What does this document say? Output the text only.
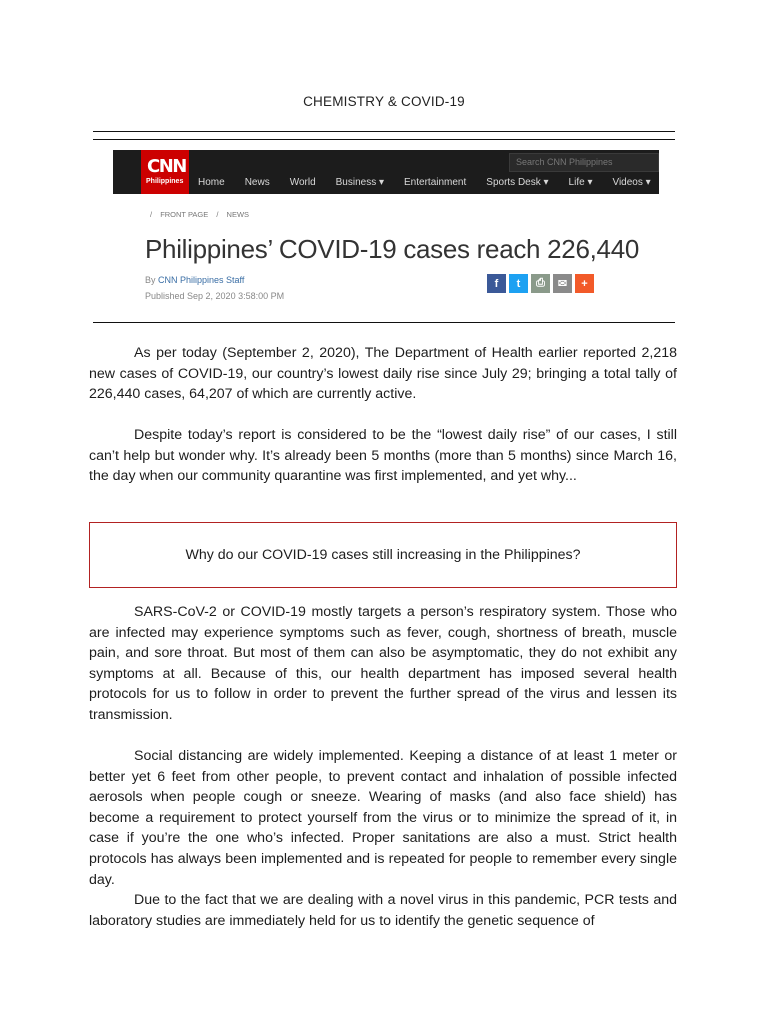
CHEMISTRY & COVID-19
CNN
Philippines Home News World Business ▾ Entertainment Sports Desk ▾ Life ▾ Videos ▾
Search CNN Philippines
/ FRONT PAGE / NEWS
Philippines’ COVID-19 cases reach 226,440
By CNN Philippines Staff
Published Sep 2, 2020 3:58:00 PM
f	t	⎙	✉	+

As per today (September 2, 2020), The Department of Health earlier reported 2,218 new cases of COVID-19, our country’s lowest daily rise since July 29; bringing a total tally of 226,440 cases, 64,207 of which are currently active.

Despite today’s report is considered to be the “lowest daily rise” of our cases, I still can’t help but wonder why. It’s already been 5 months (more than 5 months) since March 16, the day when our community quarantine was first implemented, and yet why...

Why do our COVID-19 cases still increasing in the Philippines?

SARS-CoV-2 or COVID-19 mostly targets a person’s respiratory system. Those who are infected may experience symptoms such as fever, cough, shortness of breath, muscle pain, and sore throat. But most of them can also be asymptomatic, they do not exhibit any symptoms at all. Because of this, our health department has imposed several health protocols for us to follow in order to prevent the further spread of the virus and lessen its transmission.

Social distancing are widely implemented. Keeping a distance of at least 1 meter or better yet 6 feet from other people, to prevent contact and inhalation of possible infected aerosols when people cough or sneeze. Wearing of masks (and also face shield) has become a requirement to protect yourself from the virus or to minimize the spread of it, in case if you’re the one who’s infected. Proper sanitations are also a must. Strict health protocols has always been implemented and is repeated for people to remember every single day.

Due to the fact that we are dealing with a novel virus in this pandemic, PCR tests and laboratory studies are immediately held for us to identify the genetic sequence of
